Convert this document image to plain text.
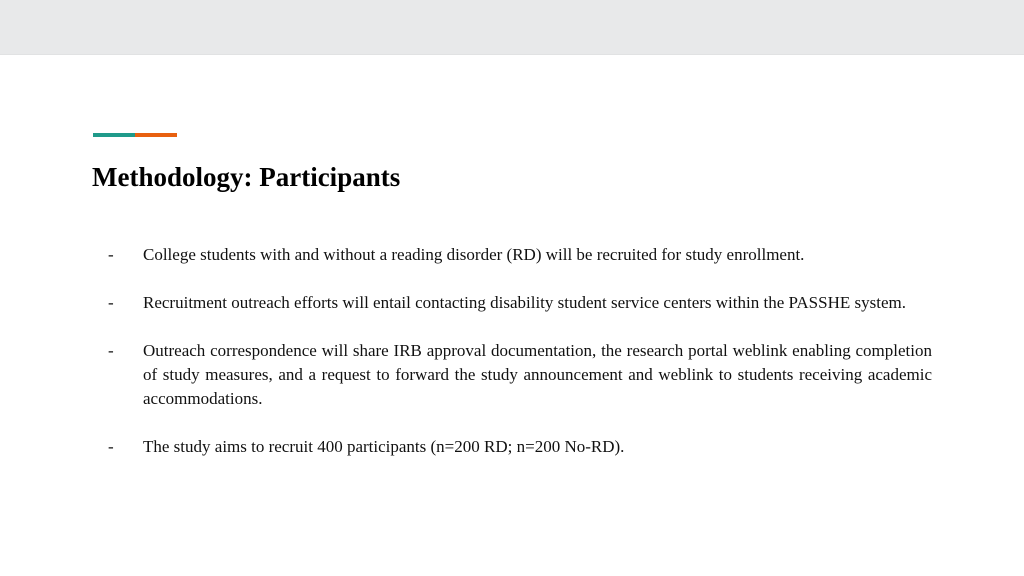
Methodology: Participants
-	College students with and without a reading disorder (RD) will be recruited for study enrollment.
-	Recruitment outreach efforts will entail contacting disability student service centers within the PASSHE system.
-	Outreach correspondence will share IRB approval documentation, the research portal weblink enabling completion of study measures, and a request to forward the study announcement and weblink to students receiving academic accommodations.
-	The study aims to recruit 400 participants (n=200 RD; n=200 No-RD).
